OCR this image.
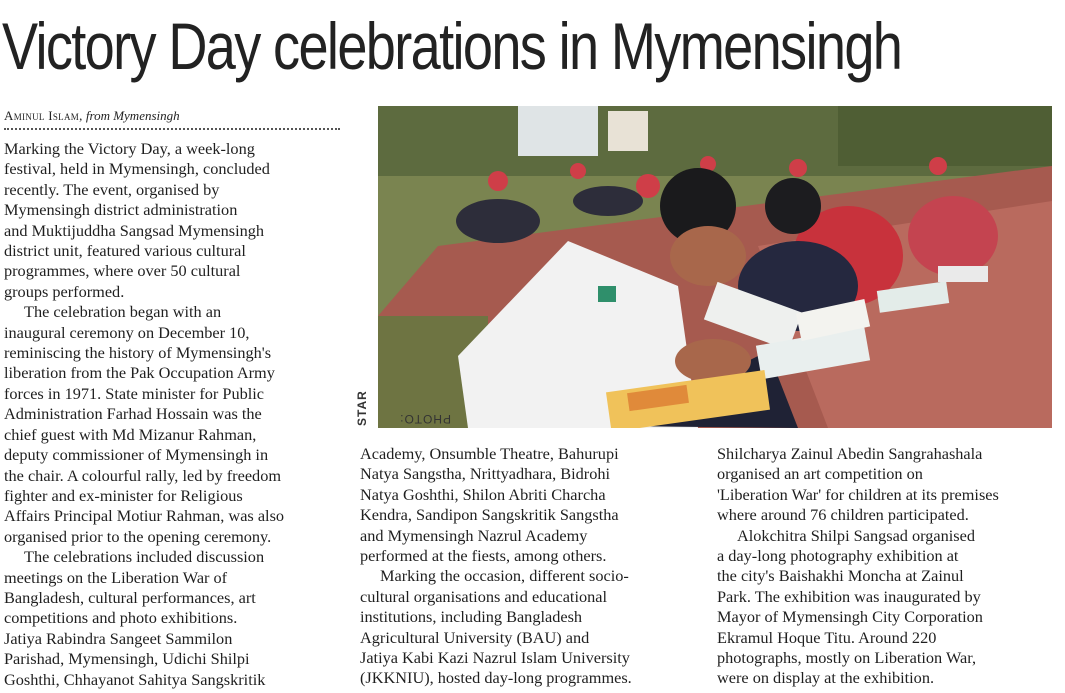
Victory Day celebrations in Mymensingh
Aminul Islam, from Mymensingh

Marking the Victory Day, a week-long

festival, held in Mymensingh, concluded

recently. The event, organised by

Mymensingh district administration

and Muktijuddha Sangsad Mymensingh

district unit, featured various cultural

programmes, where over 50 cultural

groups performed.

The celebration began with an

inaugural ceremony on December 10,

reminiscing the history of Mymensingh's

liberation from the Pak Occupation Army

forces in 1971. State minister for Public

Administration Farhad Hossain was the

chief guest with Md Mizanur Rahman,

deputy commissioner of Mymensingh in

the chair. A colourful rally, led by freedom

fighter and ex-minister for Religious

Affairs Principal Motiur Rahman, was also

organised prior to the opening ceremony.

The celebrations included discussion

meetings on the Liberation War of

Bangladesh, cultural performances, art

competitions and photo exhibitions.

Jatiya Rabindra Sangeet Sammilon

Parishad, Mymensingh, Udichi Shilpi

Goshthi, Chhayanot Sahitya Sangskritik

PHOTO:
STAR

Academy, Onsumble Theatre, Bahurupi

Natya Sangstha, Nrittyadhara, Bidrohi

Natya Goshthi, Shilon Abriti Charcha

Kendra, Sandipon Sangskritik Sangstha

and Mymensingh Nazrul Academy

performed at the fiests, among others.

Marking the occasion, different socio-

cultural organisations and educational

institutions, including Bangladesh

Agricultural University (BAU) and

Jatiya Kabi Kazi Nazrul Islam University

(JKKNIU), hosted day-long programmes.

Shilcharya Zainul Abedin Sangrahashala

organised an art competition on

'Liberation War' for children at its premises

where around 76 children participated.

Alokchitra Shilpi Sangsad organised

a day-long photography exhibition at

the city's Baishakhi Moncha at Zainul

Park. The exhibition was inaugurated by

Mayor of Mymensingh City Corporation

Ekramul Hoque Titu. Around 220

photographs, mostly on Liberation War,

were on display at the exhibition.
